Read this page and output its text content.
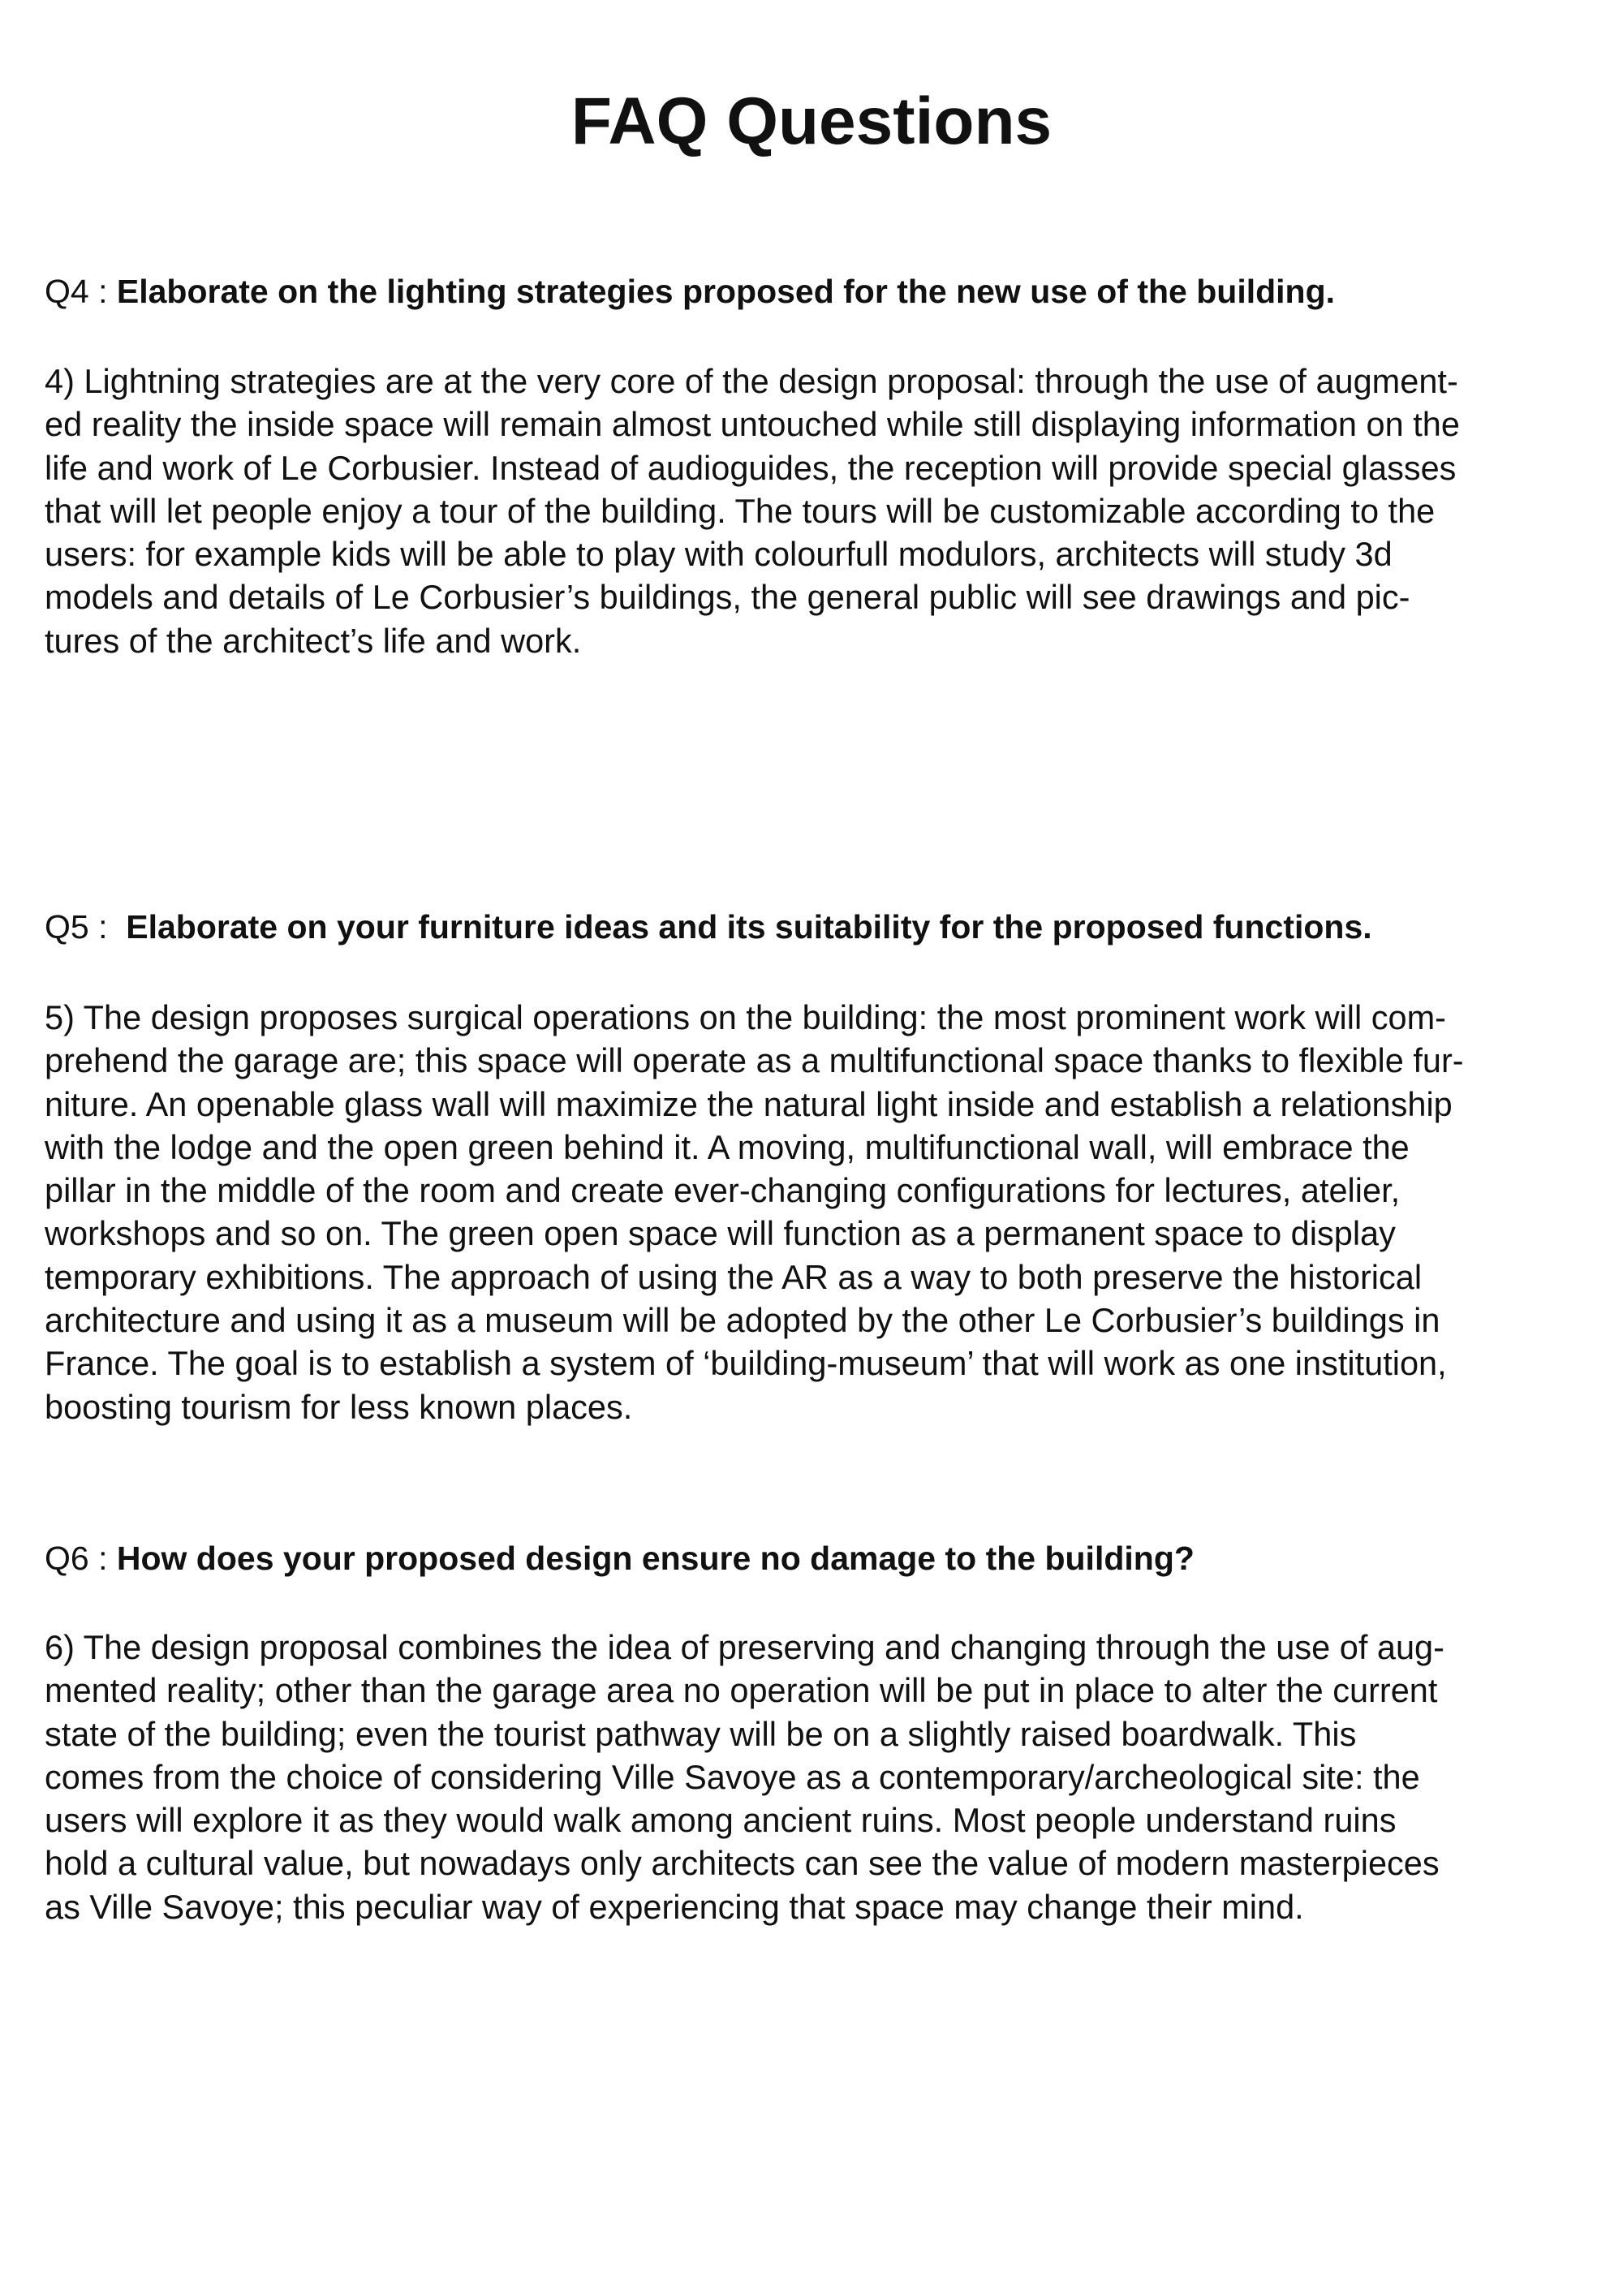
FAQ Questions

Q4 : Elaborate on the lighting strategies proposed for the new use of the building.

4) Lightning strategies are at the very core of the design proposal: through the use of augment-
ed reality the inside space will remain almost untouched while still displaying information on the
life and work of Le Corbusier. Instead of audioguides, the reception will provide special glasses
that will let people enjoy a tour of the building. The tours will be customizable according to the
users: for example kids will be able to play with colourfull modulors, architects will study 3d
models and details of Le Corbusier’s buildings, the general public will see drawings and pic-
tures of the architect’s life and work.

Q5 :  Elaborate on your furniture ideas and its suitability for the proposed functions.

5) The design proposes surgical operations on the building: the most prominent work will com-
prehend the garage are; this space will operate as a multifunctional space thanks to flexible fur-
niture. An openable glass wall will maximize the natural light inside and establish a relationship
with the lodge and the open green behind it. A moving, multifunctional wall, will embrace the
pillar in the middle of the room and create ever-changing configurations for lectures, atelier,
workshops and so on. The green open space will function as a permanent space to display
temporary exhibitions. The approach of using the AR as a way to both preserve the historical
architecture and using it as a museum will be adopted by the other Le Corbusier’s buildings in
France. The goal is to establish a system of ‘building-museum’ that will work as one institution,
boosting tourism for less known places.

Q6 : How does your proposed design ensure no damage to the building?

6) The design proposal combines the idea of preserving and changing through the use of aug-
mented reality; other than the garage area no operation will be put in place to alter the current
state of the building; even the tourist pathway will be on a slightly raised boardwalk. This
comes from the choice of considering Ville Savoye as a contemporary/archeological site: the
users will explore it as they would walk among ancient ruins. Most people understand ruins
hold a cultural value, but nowadays only architects can see the value of modern masterpieces
as Ville Savoye; this peculiar way of experiencing that space may change their mind.
